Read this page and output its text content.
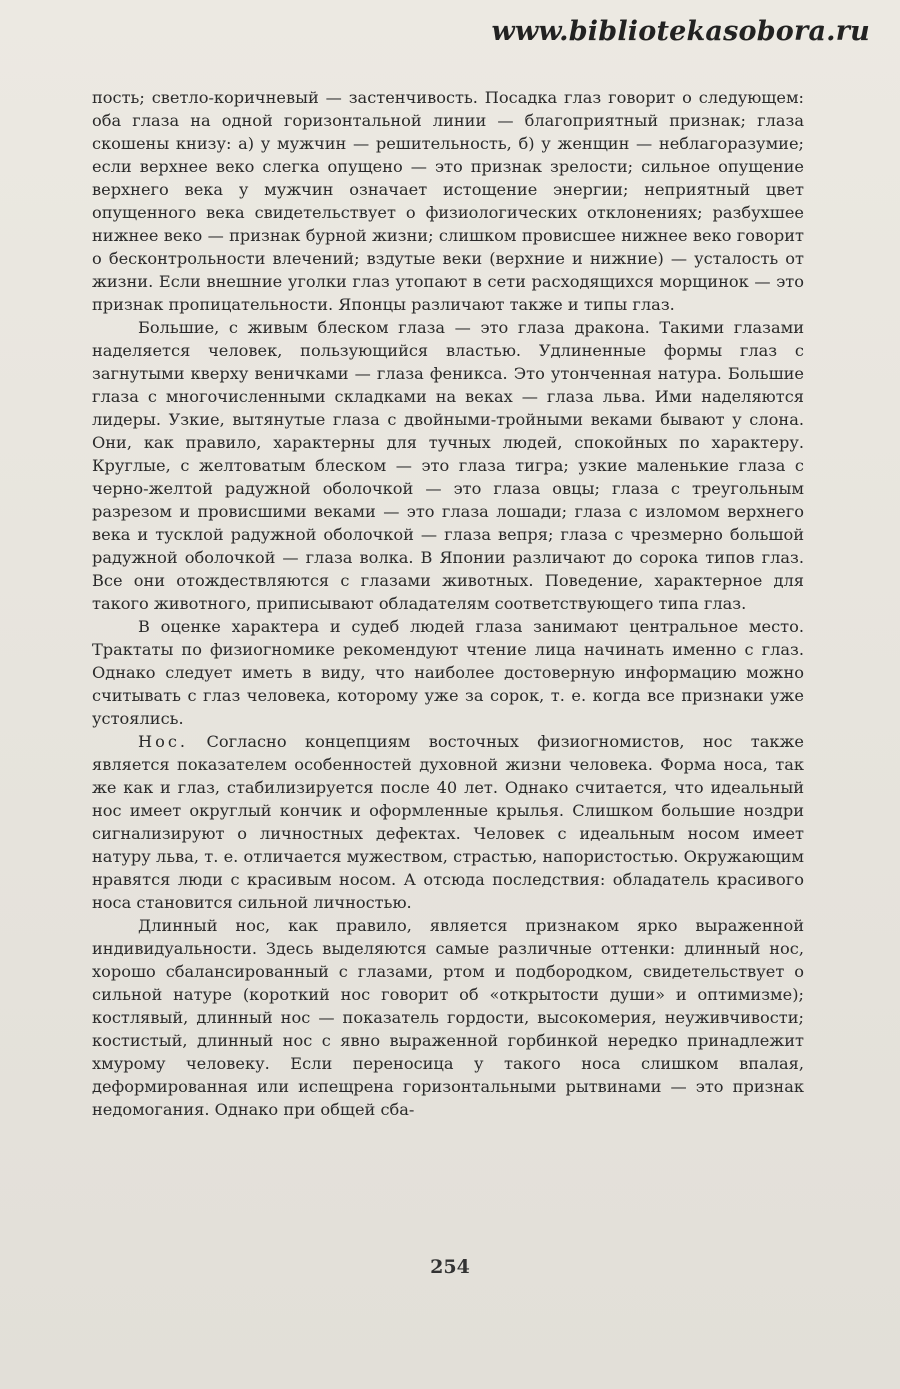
www.bibliotekasobora.ru

пость; светло-коричневый — застенчивость. Посадка глаз говорит о следующем: оба глаза на одной горизонтальной линии — благоприятный признак; глаза скошены книзу: а) у мужчин — решительность, б) у женщин — неблагоразумие; если верхнее веко слегка опущено — это признак зрелости; сильное опущение верхнего века у мужчин означает истощение энергии; неприятный цвет опущенного века свидетельствует о физиологических отклонениях; разбухшее нижнее веко — признак бурной жизни; слишком провисшее нижнее веко говорит о бесконтрольности влечений; вздутые веки (верхние и нижние) — усталость от жизни. Если внешние уголки глаз утопают в сети расходящихся морщинок — это признак пропицательности. Японцы различают также и типы глаз.

Большие, с живым блеском глаза — это глаза дракона. Такими глазами наделяется человек, пользующийся властью. Удлиненные формы глаз с загнутыми кверху веничками — глаза феникса. Это утонченная натура. Большие глаза с многочисленными складками на веках — глаза льва. Ими наделяются лидеры. Узкие, вытянутые глаза с двойными-тройными веками бывают у слона. Они, как правило, характерны для тучных людей, спокойных по характеру. Круглые, с желтоватым блеском — это глаза тигра; узкие маленькие глаза с черно-желтой радужной оболочкой — это глаза овцы; глаза с треугольным разрезом и провисшими веками — это глаза лошади; глаза с изломом верхнего века и тусклой радужной оболочкой — глаза вепря; глаза с чрезмерно большой радужной оболочкой — глаза волка. В Японии различают до сорока типов глаз. Все они отождествляются с глазами животных. Поведение, характерное для такого животного, приписывают обладателям соответствующего типа глаз.

В оценке характера и судеб людей глаза занимают центральное место. Трактаты по физиогномике рекомендуют чтение лица начинать именно с глаз. Однако следует иметь в виду, что наиболее достоверную информацию можно считывать с глаз человека, которому уже за сорок, т. е. когда все признаки уже устоялись.

Нос. Согласно концепциям восточных физиогномистов, нос также является показателем особенностей духовной жизни человека. Форма носа, так же как и глаз, стабилизируется после 40 лет. Однако считается, что идеальный нос имеет округлый кончик и оформленные крылья. Слишком большие ноздри сигнализируют о личностных дефектах. Человек с идеальным носом имеет натуру льва, т. е. отличается мужеством, страстью, напористостью. Окружающим нравятся люди с красивым носом. А отсюда последствия: обладатель красивого носа становится сильной личностью.

Длинный нос, как правило, является признаком ярко выраженной индивидуальности. Здесь выделяются самые различные оттенки: длинный нос, хорошо сбалансированный с глазами, ртом и подбородком, свидетельствует о сильной натуре (короткий нос говорит об «открытости души» и оптимизме); костлявый, длинный нос — показатель гордости, высокомерия, неуживчивости; костистый, длинный нос с явно выраженной горбинкой нередко принадлежит хмурому человеку. Если переносица у такого носа слишком впалая, деформированная или испещрена горизонтальными рытвинами — это признак недомогания. Однако при общей сба-

254
